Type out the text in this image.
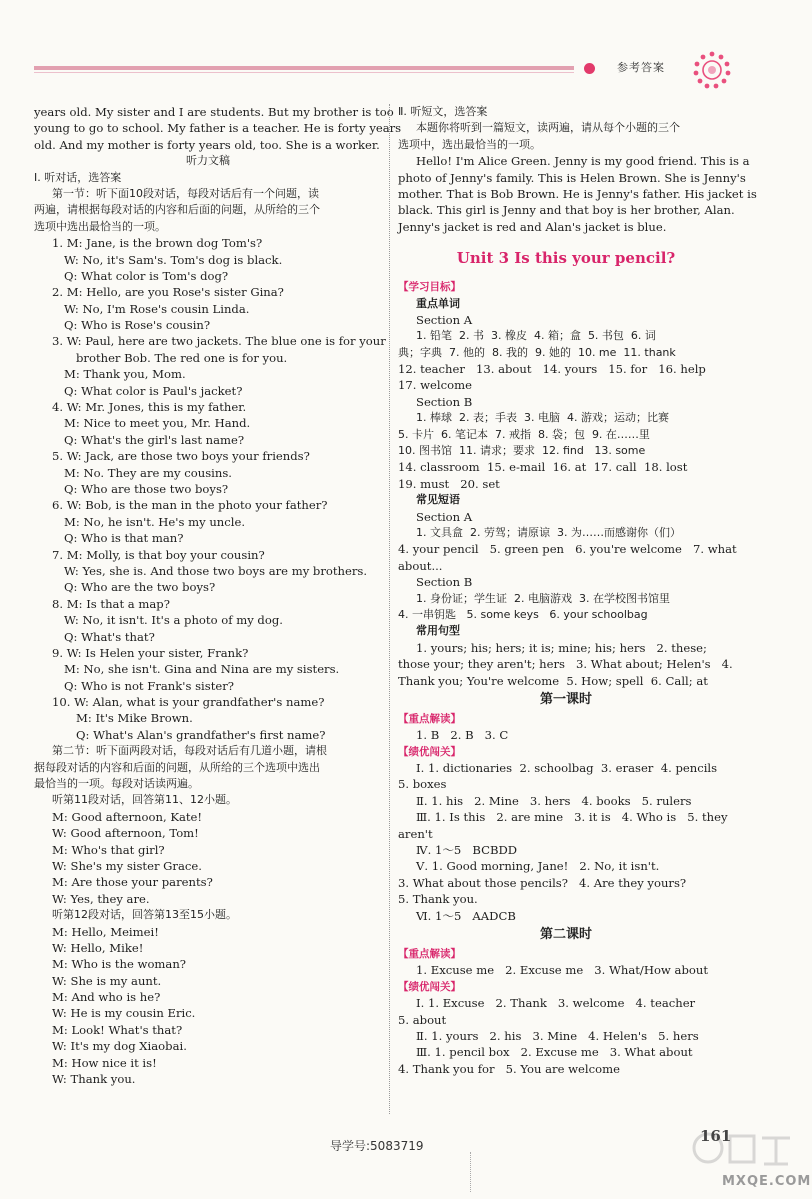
参考答案
years old. My sister and I are students. But my brother is too
young to go to school. My father is a teacher. He is forty years
old. And my mother is forty years old, too. She is a worker.
听力文稿
Ⅰ. 听对话，选答案
第一节：听下面10段对话，每段对话后有一个问题，读
两遍，请根据每段对话的内容和后面的问题，从所给的三个
选项中选出最恰当的一项。
1. M: Jane, is the brown dog Tom's?
W: No, it's Sam's. Tom's dog is black.
Q: What color is Tom's dog?
2. M: Hello, are you Rose's sister Gina?
W: No, I'm Rose's cousin Linda.
Q: Who is Rose's cousin?
3. W: Paul, here are two jackets. The blue one is for your
brother Bob. The red one is for you.
M: Thank you, Mom.
Q: What color is Paul's jacket?
4. W: Mr. Jones, this is my father.
M: Nice to meet you, Mr. Hand.
Q: What's the girl's last name?
5. W: Jack, are those two boys your friends?
M: No. They are my cousins.
Q: Who are those two boys?
6. W: Bob, is the man in the photo your father?
M: No, he isn't. He's my uncle.
Q: Who is that man?
7. M: Molly, is that boy your cousin?
W: Yes, she is. And those two boys are my brothers.
Q: Who are the two boys?
8. M: Is that a map?
W: No, it isn't. It's a photo of my dog.
Q: What's that?
9. W: Is Helen your sister, Frank?
M: No, she isn't. Gina and Nina are my sisters.
Q: Who is not Frank's sister?
10. W: Alan, what is your grandfather's name?
M: It's Mike Brown.
Q: What's Alan's grandfather's first name?
第二节：听下面两段对话，每段对话后有几道小题，请根
据每段对话的内容和后面的问题，从所给的三个选项中选出
最恰当的一项。每段对话读两遍。
听第11段对话，回答第11、12小题。
M: Good afternoon, Kate!
W: Good afternoon, Tom!
M: Who's that girl?
W: She's my sister Grace.
M: Are those your parents?
W: Yes, they are.
听第12段对话，回答第13至15小题。
M: Hello, Meimei!
W: Hello, Mike!
M: Who is the woman?
W: She is my aunt.
M: And who is he?
W: He is my cousin Eric.
M: Look! What's that?
W: It's my dog Xiaobai.
M: How nice it is!
W: Thank you.
Ⅱ. 听短文，选答案
本题你将听到一篇短文，读两遍，请从每个小题的三个
选项中，选出最恰当的一项。
Hello! I'm Alice Green. Jenny is my good friend. This is a
photo of Jenny's family. This is Helen Brown. She is Jenny's
mother. That is Bob Brown. He is Jenny's father. His jacket is
black. This girl is Jenny and that boy is her brother, Alan.
Jenny's jacket is red and Alan's jacket is blue.
Unit 3 Is this your pencil?
【学习目标】
重点单词
Section A
1. 铅笔  2. 书  3. 橡皮  4. 箱；盒  5. 书包  6. 词
典；字典  7. 他的  8. 我的  9. 她的  10. me  11. thank
12. teacher   13. about   14. yours   15. for   16. help
17. welcome
Section B
1. 棒球  2. 表；手表  3. 电脑  4. 游戏；运动；比赛
5. 卡片  6. 笔记本  7. 戒指  8. 袋；包  9. 在……里
10. 图书馆  11. 请求；要求  12. find   13. some
14. classroom  15. e-mail  16. at  17. call  18. lost
19. must   20. set
常见短语
Section A
1. 文具盒  2. 劳驾；请原谅  3. 为……而感谢你（们）
4. your pencil   5. green pen   6. you're welcome   7. what
about...
Section B
1. 身份证；学生证  2. 电脑游戏  3. 在学校图书馆里
4. 一串钥匙   5. some keys   6. your schoolbag
常用句型
1. yours; his; hers; it is; mine; his; hers   2. these;
those your; they aren't; hers   3. What about; Helen's   4.
Thank you; You're welcome  5. How; spell  6. Call; at
第一课时
【重点解读】
1. B   2. B   3. C
【绩优闯关】
Ⅰ. 1. dictionaries  2. schoolbag  3. eraser  4. pencils
5. boxes
Ⅱ. 1. his   2. Mine   3. hers   4. books   5. rulers
Ⅲ. 1. Is this   2. are mine   3. it is   4. Who is   5. they
aren't
Ⅳ. 1～5   BCBDD
Ⅴ. 1. Good morning, Jane!   2. No, it isn't.
3. What about those pencils?   4. Are they yours?
5. Thank you.
Ⅵ. 1～5   AADCB
第二课时
【重点解读】
1. Excuse me   2. Excuse me   3. What/How about
【绩优闯关】
Ⅰ. 1. Excuse   2. Thank   3. welcome   4. teacher
5. about
Ⅱ. 1. yours   2. his   3. Mine   4. Helen's   5. hers
Ⅲ. 1. pencil box   2. Excuse me   3. What about
4. Thank you for   5. You are welcome
导学号:5083719
161
MXQE.COM
